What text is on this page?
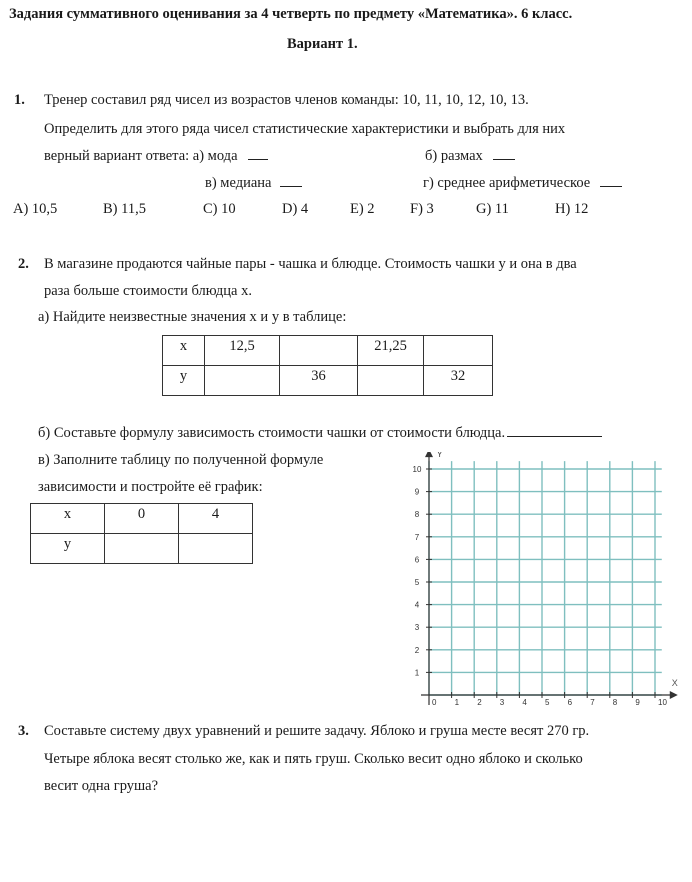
Задания суммативного оценивания за 4 четверть по предмету «Математика». 6 класс.
Вариант 1.
1. Тренер составил ряд чисел из возрастов членов команды: 10, 11, 10, 12, 10, 13.
Определить для этого ряда чисел статистические характеристики и выбрать для них
верный вариант ответа: а) мода	б) размах
в) медиана	г) среднее арифметическое
А) 10,5	В) 11,5	С) 10	D) 4	Е) 2 F) 3	G) 11	H) 12
2. В магазине продаются чайные пары - чашка и блюдце. Стоимость чашки у и она в два
раза больше стоимости блюдца х.
а) Найдите неизвестные значения х и у в таблице:
x	12,5		21,25	
y		36		32
б) Составьте формулу зависимость стоимости чашки от стоимости блюдца.
в) Заполните таблицу по полученной формуле
зависимости и постройте её график:
x	0	4
y		
0 1 2 3 4 5 6 7 8 9 10
1
2
3
4
5
6
7
8
9
10
Y
X
3. Составьте систему двух уравнений и решите задачу. Яблоко и груша месте весят 270 гр.
Четыре яблока весят столько же, как и пять груш. Сколько весит одно яблоко и сколько
весит одна груша?
